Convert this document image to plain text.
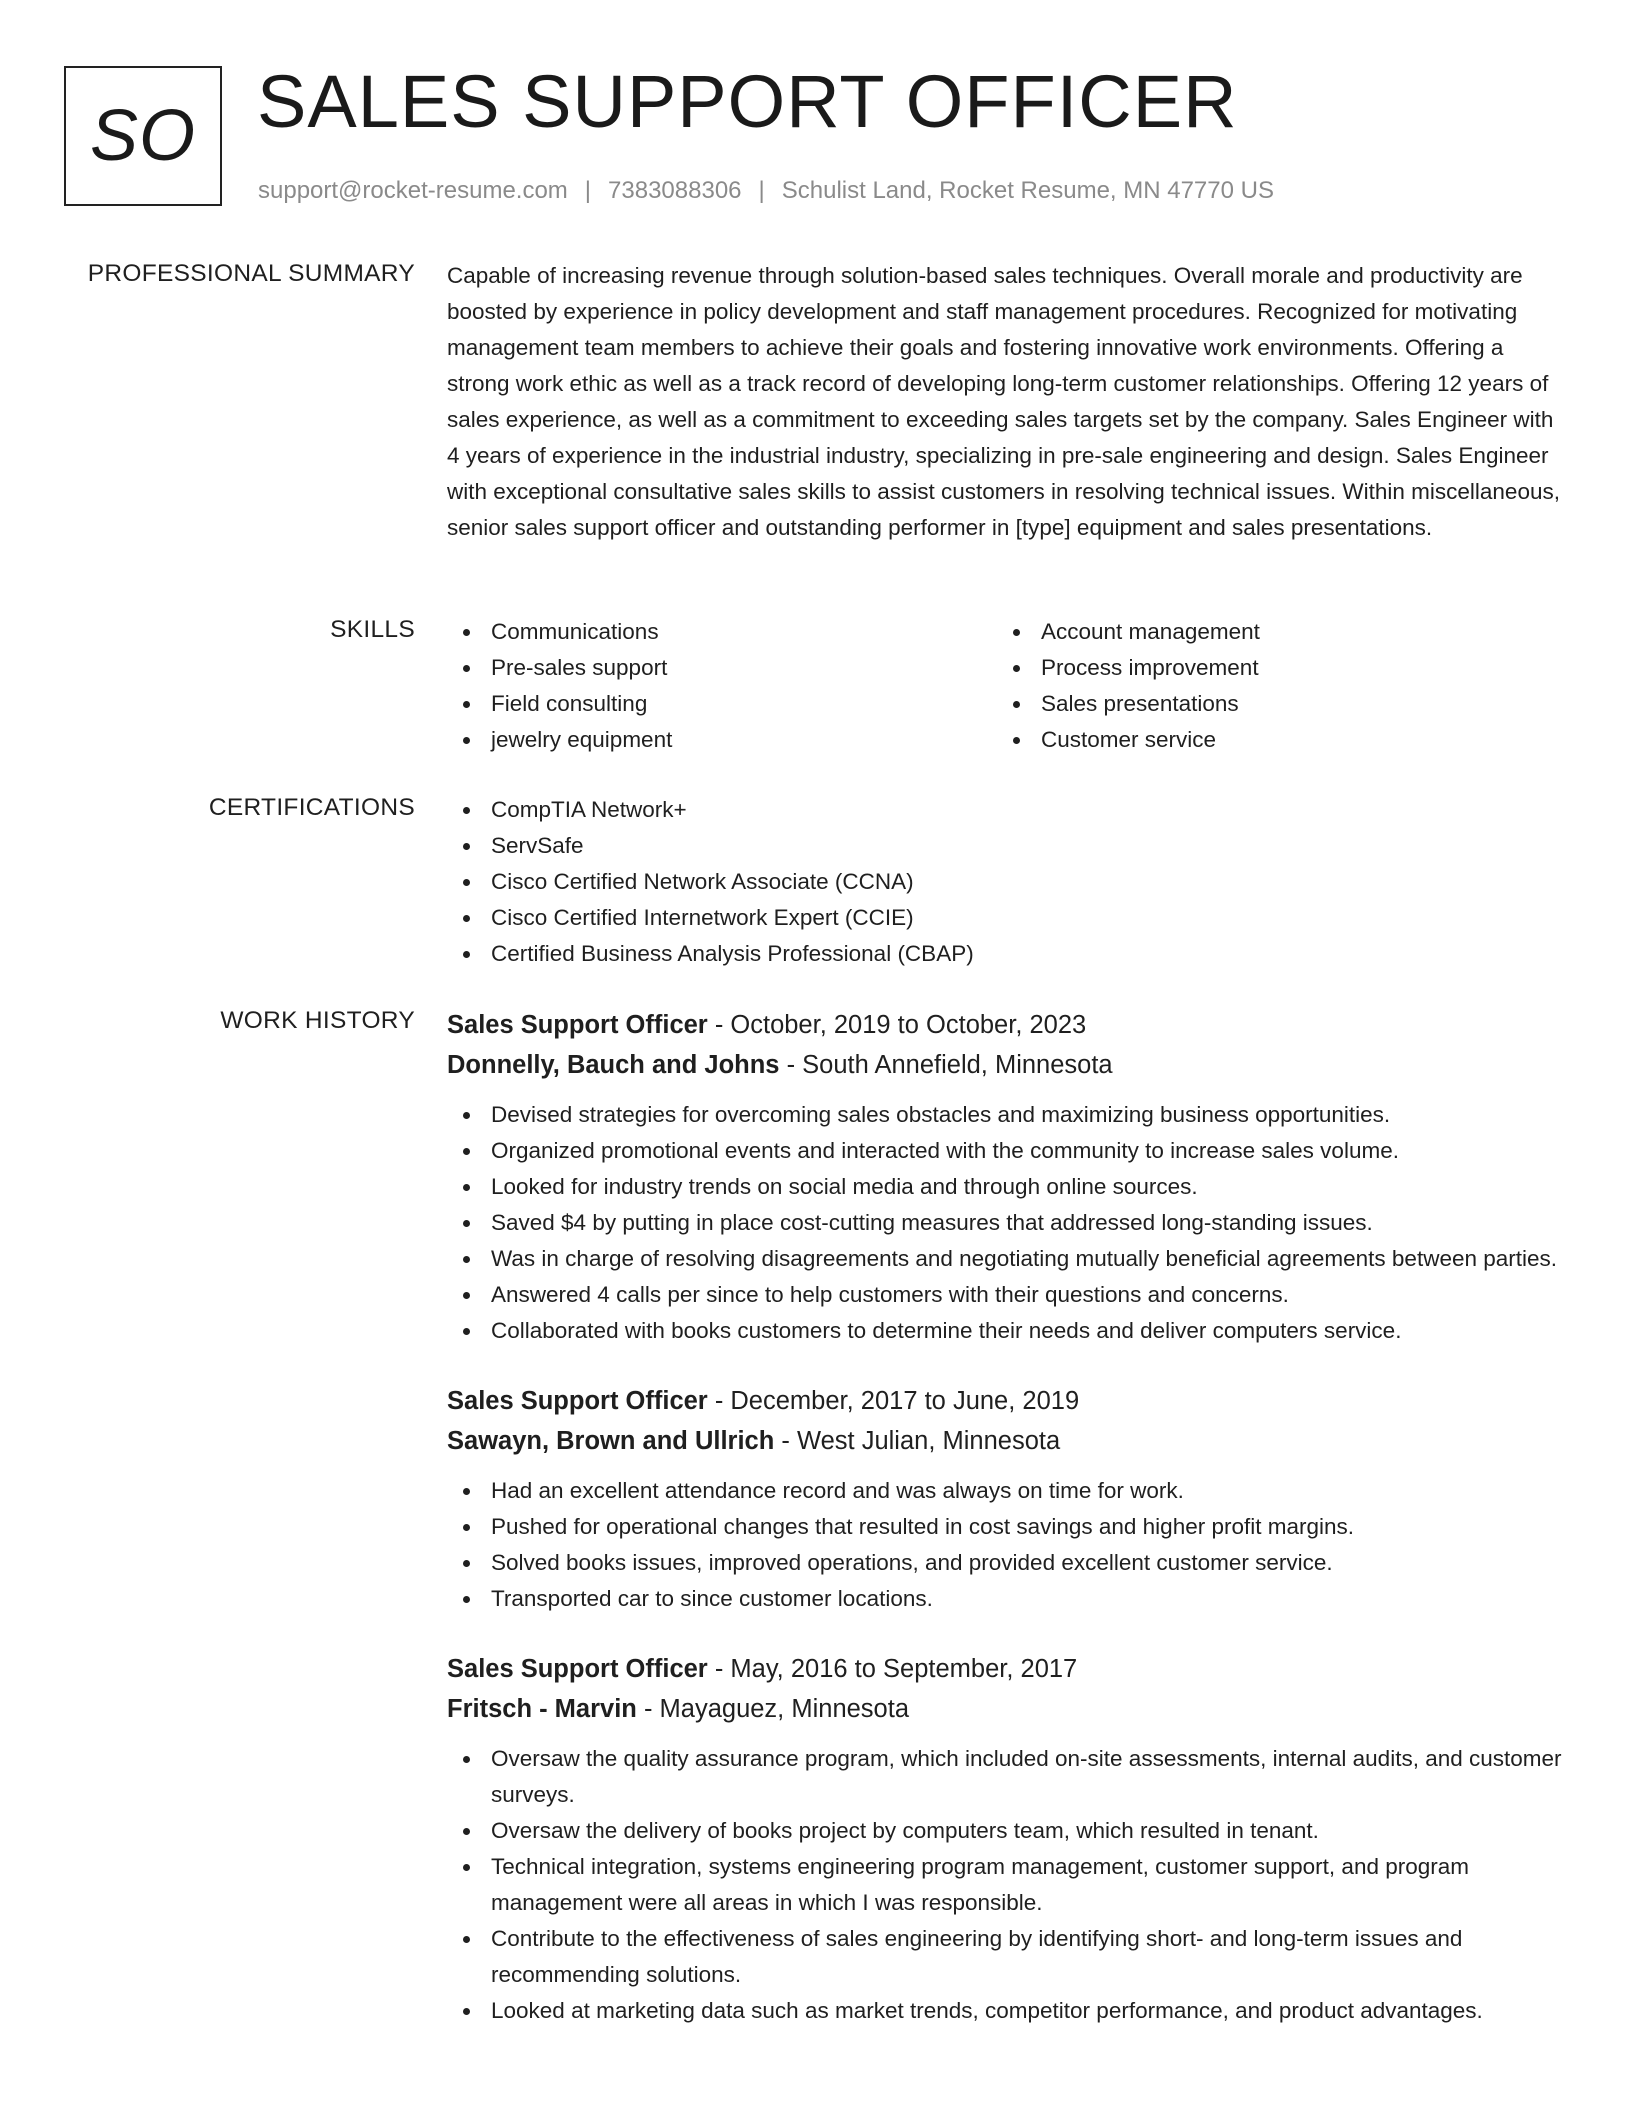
SO SALES SUPPORT OFFICER
support@rocket-resume.com | 7383088306 | Schulist Land, Rocket Resume, MN 47770 US
PROFESSIONAL SUMMARY Capable of increasing revenue through solution-based sales techniques. Overall morale and productivity are boosted by experience in policy development and staff management procedures. Recognized for motivating management team members to achieve their goals and fostering innovative work environments. Offering a strong work ethic as well as a track record of developing long-term customer relationships. Offering 12 years of sales experience, as well as a commitment to exceeding sales targets set by the company. Sales Engineer with 4 years of experience in the industrial industry, specializing in pre-sale engineering and design. Sales Engineer with exceptional consultative sales skills to assist customers in resolving technical issues. Within miscellaneous, senior sales support officer and outstanding performer in [type] equipment and sales presentations.

SKILLS	Communications
Pre-sales support
Field consulting
jewelry equipment
Account management
Process improvement
Sales presentations
Customer service
CERTIFICATIONS	CompTIA Network+
ServSafe
Cisco Certified Network Associate (CCNA)
Cisco Certified Internetwork Expert (CCIE)
Certified Business Analysis Professional (CBAP)
WORK HISTORY Sales Support Officer - October, 2019 to October, 2023
Donnelly, Bauch and Johns - South Annefield, Minnesota
Devised strategies for overcoming sales obstacles and maximizing business opportunities.
Organized promotional events and interacted with the community to increase sales volume.
Looked for industry trends on social media and through online sources.
Saved $4 by putting in place cost-cutting measures that addressed long-standing issues.
Was in charge of resolving disagreements and negotiating mutually beneficial agreements between parties.
Answered 4 calls per since to help customers with their questions and concerns.
Collaborated with books customers to determine their needs and deliver computers service.
Sales Support Officer - December, 2017 to June, 2019
Sawayn, Brown and Ullrich - West Julian, Minnesota
Had an excellent attendance record and was always on time for work.
Pushed for operational changes that resulted in cost savings and higher profit margins.
Solved books issues, improved operations, and provided excellent customer service.
Transported car to since customer locations.
Sales Support Officer - May, 2016 to September, 2017
Fritsch - Marvin - Mayaguez, Minnesota
Oversaw the quality assurance program, which included on-site assessments, internal audits, and customer surveys.
Oversaw the delivery of books project by computers team, which resulted in tenant.
Technical integration, systems engineering program management, customer support, and program management were all areas in which I was responsible.
Contribute to the effectiveness of sales engineering by identifying short- and long-term issues and recommending solutions.
Looked at marketing data such as market trends, competitor performance, and product advantages.
